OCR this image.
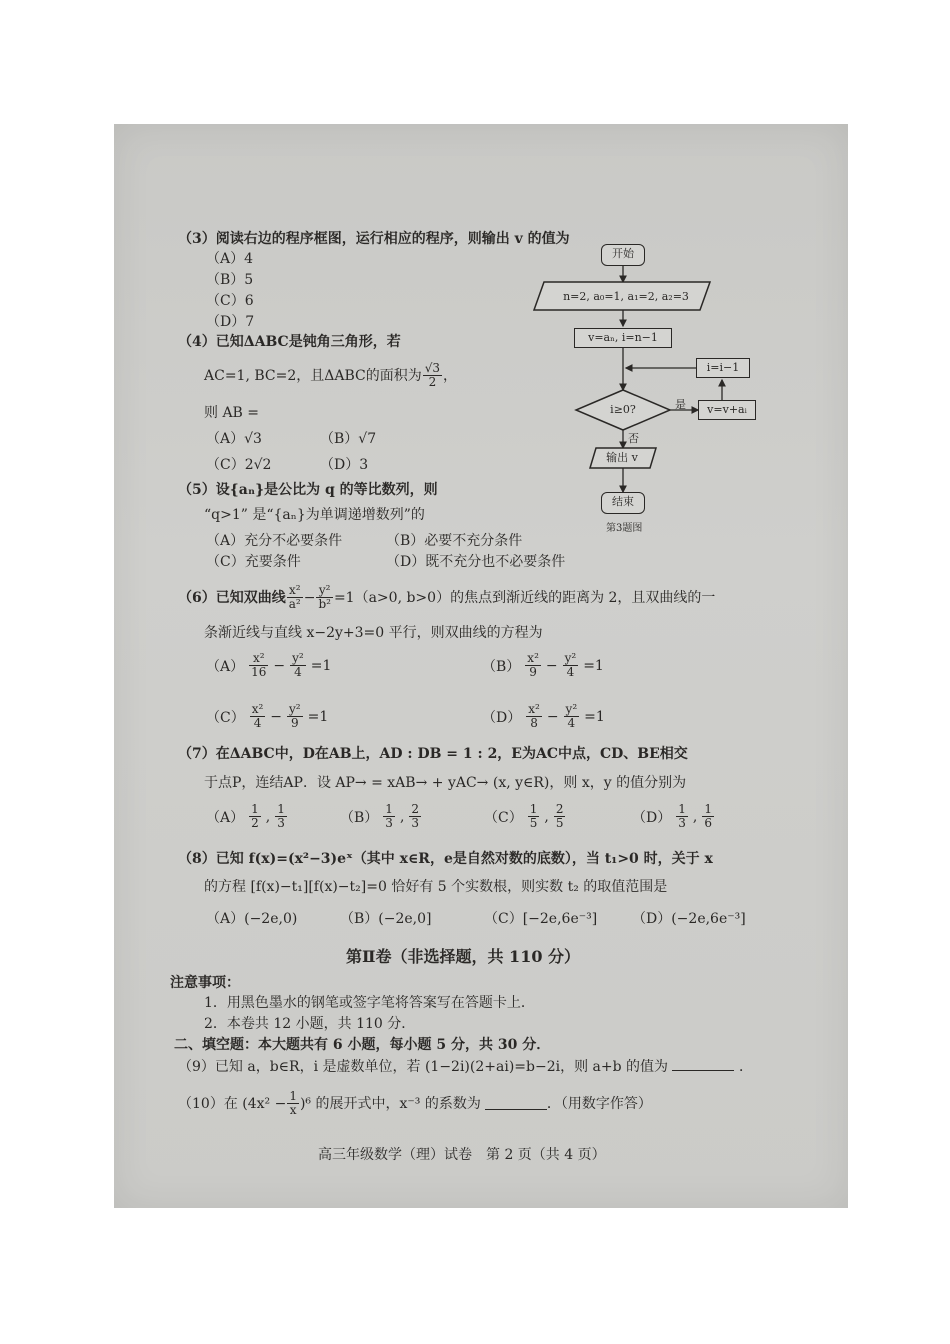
（3）阅读右边的程序框图，运行相应的程序，则输出 v 的值为
（A）4
（B）5
（C）6
（D）7
开始
n=2, a₀=1, a₁=2, a₂=3
v=aₙ, i=n−1
i=i−1
i≥0?	是
否
v=v+aᵢ
输出 v
结束
第3题图
（4）已知ΔABC是钝角三角形，若
AC=1, BC=2，且ΔABC的面积为 $\frac{√3}{2}$ ，
则 AB =
（A）√3	（B）√7
（C）2√2	（D）3
（5）设{aₙ}是公比为 q 的等比数列，则
“q>1” 是“{aₙ}为单调递增数列”的
（A）充分不必要条件	（B）必要不充分条件
（C）充要条件	（D）既不充分也不必要条件
（6）已知双曲线 $\frac{\text{x²}}{\text{a²}} - \frac{\text{y²}}{\text{b²}} =1(a>0$, b>0）的焦点到渐近线的距离为 2，且双曲线的一
条渐近线与直线 x−2y+3=0 平行，则双曲线的方程为
$(A) \frac{\text{x²}}{16} - \frac{\text{y²}}{4} =1$	$(B) \frac{\text{x²}}{9} - \frac{\text{y²}}{4} =1$
$(C) \frac{\text{x²}}{4} - \frac{\text{y²}}{9} =1$	$(D) \frac{\text{x²}}{8} - \frac{\text{y²}}{4} =1$
（7）在ΔABC中，D在AB上，AD : DB = 1 : 2，E为AC中点，CD、BE相交
于点P，连结AP．设 AP→ = xAB→ + yAC→ (x, y∈R)，则 x，y 的值分别为
$(A) \frac{1}{2}$ , $\frac{1}{3}$	$(B) \frac{1}{3}$ , $\frac{2}{3}$	$(C) \frac{1}{5}$ , $\frac{2}{5}$	$(D) \frac{1}{3}$ , $\frac{1}{6}$
（8）已知 f(x)=(x²−3)eˣ（其中 x∈R，e是自然对数的底数），当 t₁>0 时，关于 x
的方程 [f(x)−t₁][f(x)−t₂]=0 恰好有 5 个实数根，则实数 t₂ 的取值范围是
（A）(−2e,0)	（B）(−2e,0]	（C）[−2e,6e⁻³] （D）(−2e,6e⁻³]
第Ⅱ卷（非选择题，共 110 分）
注意事项：
1．用黑色墨水的钢笔或签字笔将答案写在答题卡上．
2．本卷共 12 小题，共 110 分．
二、填空题：本大题共有 6 小题，每小题 5 分，共 30 分．
（9）已知 a，b∈R，i 是虚数单位，若 (1−2i)(2+ai)=b−2i，则 a+b 的值为	．
（10）在 $(4x^2 - \frac{1}{x} )^6$ 的展开式中，x⁻³ 的系数为	．（用数字作答）
高三年级数学（理）试卷　第 2 页（共 4 页）
